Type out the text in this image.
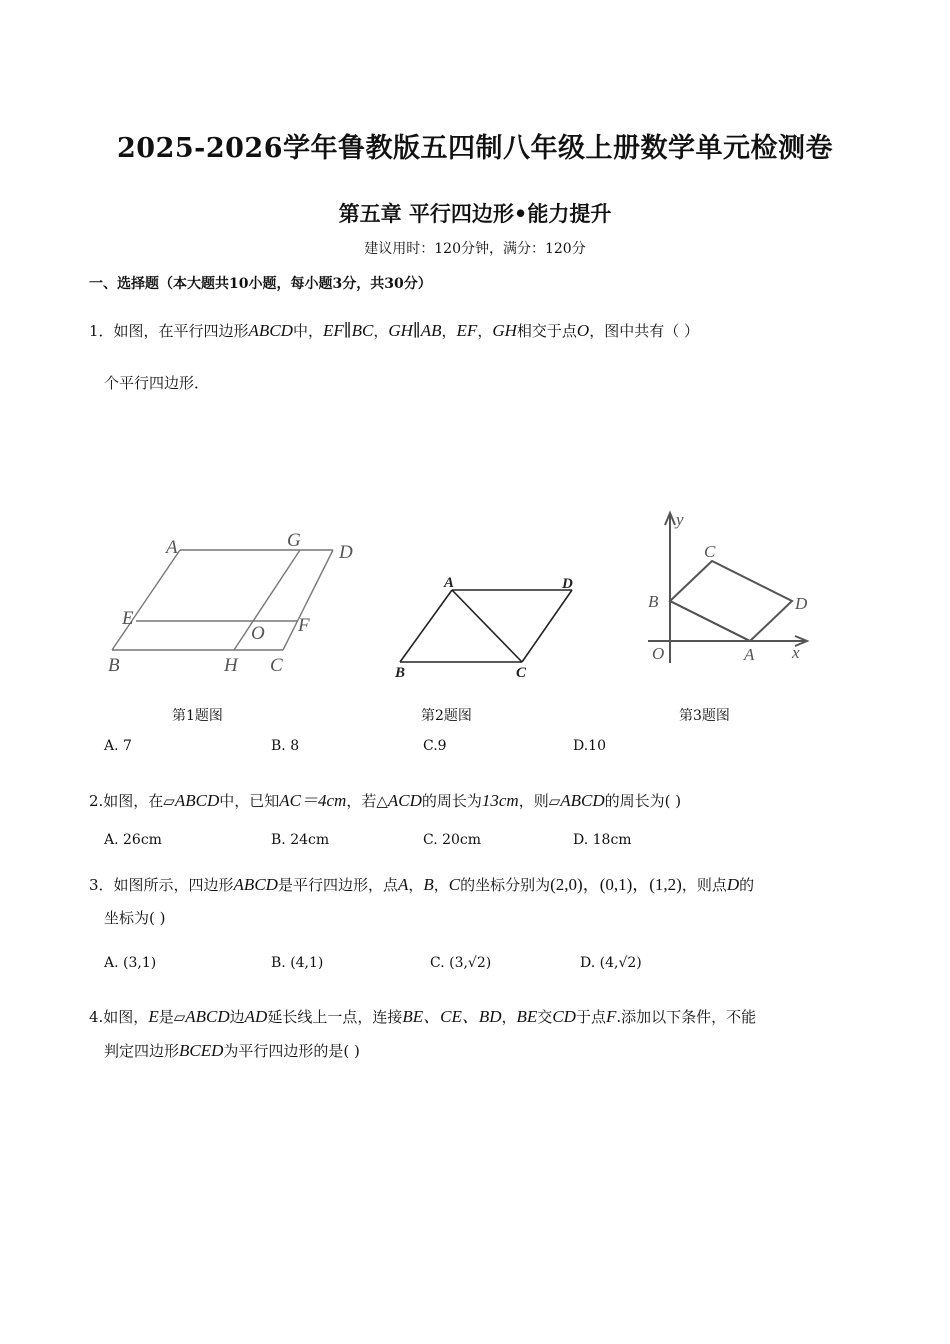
2025-2026学年鲁教版五四制八年级上册数学单元检测卷
第五章 平行四边形•能力提升
建议用时：120分钟，满分：120分
一、选择题（本大题共10小题，每小题3分，共30分）
1．如图，在平行四边形ABCD中，EF∥BC，GH∥AB，EF，GH相交于点O，图中共有（ ）
个平行四边形．
A	G
D
E
O F
B	H C
A	D
B	C
y
C
B	D
O	A x
第1题图	第2题图	第3题图
A. 7	B. 8	C.9	D.10
2.如图，在▱ABCD中，已知AC＝4cm，若△ACD的周长为13cm，则▱ABCD的周长为( )
A. 26cm	B. 24cm	C. 20cm	D. 18cm
3．如图所示，四边形ABCD是平行四边形，点A，B，C的坐标分别为(2,0)，(0,1)，(1,2)，则点D的
坐标为( )
A. (3,1)	B. (4,1)	C. (3,√2)	D. (4,√2)
4.如图，E是▱ABCD边AD延长线上一点，连接BE、CE、BD，BE交CD于点F.添加以下条件，不能
判定四边形BCED为平行四边形的是( )
